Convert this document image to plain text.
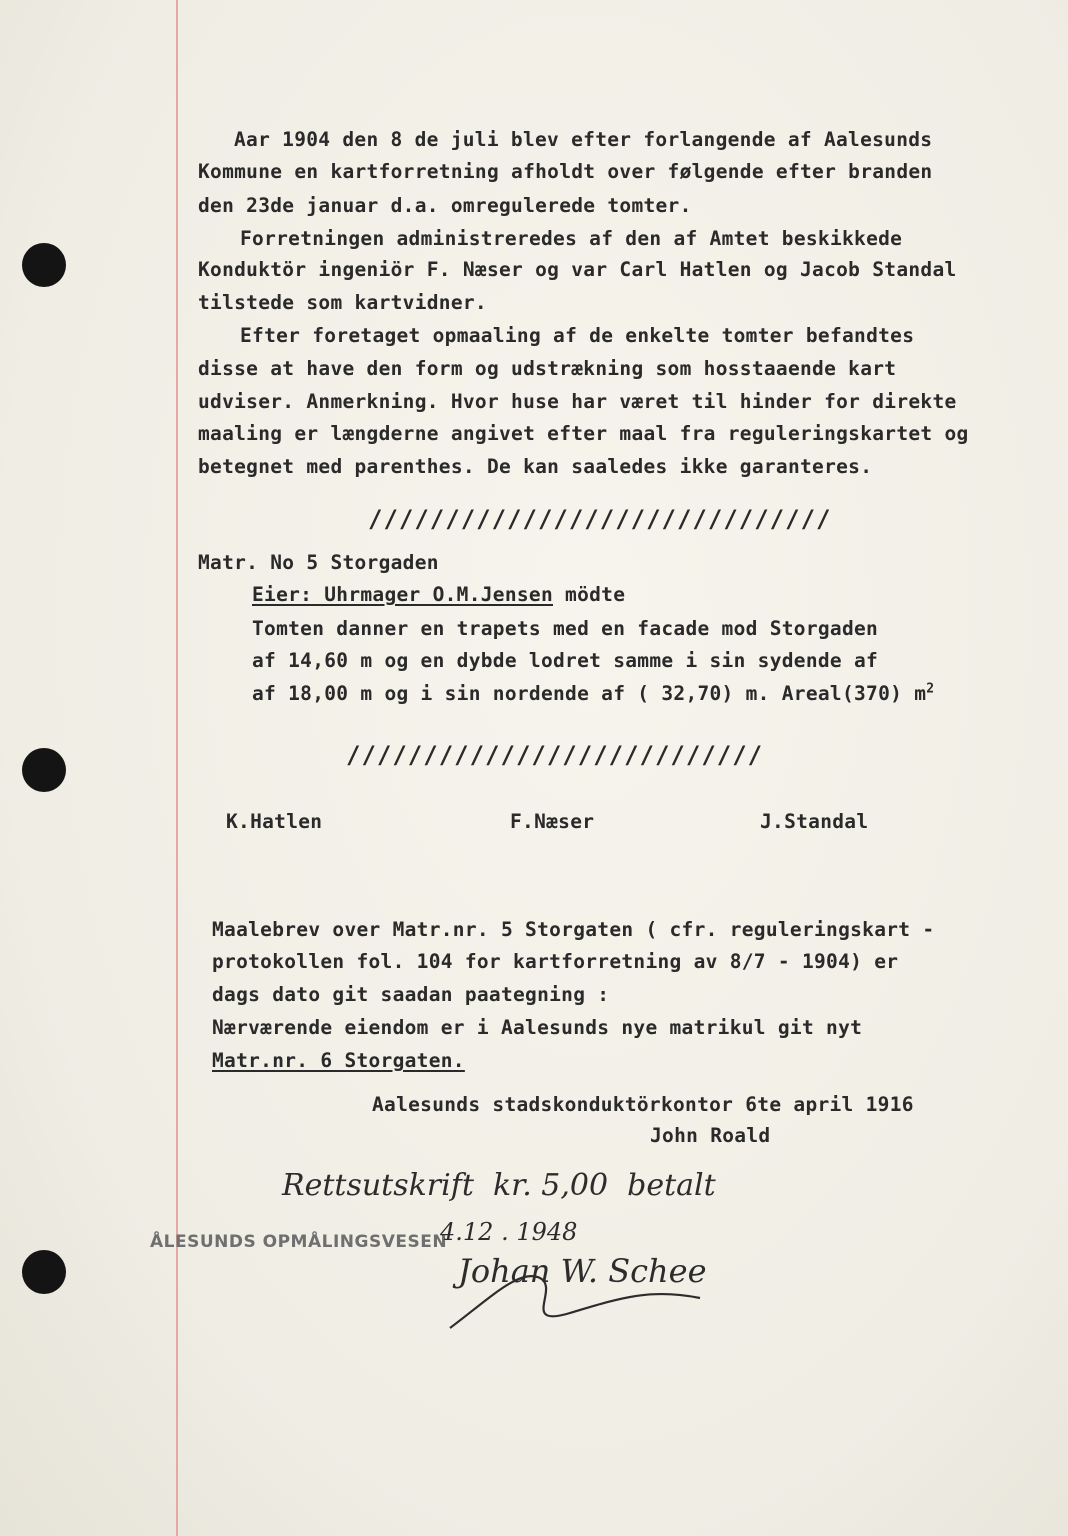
Aar 1904 den 8 de juli blev efter forlangende af Aalesunds
Kommune en kartforretning afholdt over følgende efter branden
den 23de januar d.a. omregulerede tomter.
Forretningen administreredes af den af Amtet beskikkede
Konduktör ingeniör F. Næser og var Carl Hatlen og Jacob Standal
tilstede som kartvidner.
Efter foretaget opmaaling af de enkelte tomter befandtes
disse at have den form og udstrækning som hosstaaende kart
udviser. Anmerkning. Hvor huse har været til hinder for direkte
maaling er længderne angivet efter maal fra reguleringskartet og
betegnet med parenthes. De kan saaledes ikke garanteres.
//////////////////////////////
Matr. No 5 Storgaden
Eier: Uhrmager O.M.Jensen mödte
Tomten danner en trapets med en facade mod Storgaden
af 14,60 m og en dybde lodret samme i sin sydende af
af 18,00 m og i sin nordende af ( 32,70) m. Areal(370) $m^2$
///////////////////////////
K.Hatlen	F.Næser	J.Standal
Maalebrev over Matr.nr. 5 Storgaten ( cfr. reguleringskart -
protokollen fol. 104 for kartforretning av 8/7 - 1904) er
dags dato git saadan paategning :
Nærværende eiendom er i Aalesunds nye matrikul git nyt
Matr.nr. 6 Storgaten.
Aalesunds stadskonduktörkontor 6te april 1916
John Roald
Rettsutskrift  kr. 5,00  betalt
ÅLESUNDS OPMÅLINGSVESEN
4.12 . 1948
Johan W. Schee
